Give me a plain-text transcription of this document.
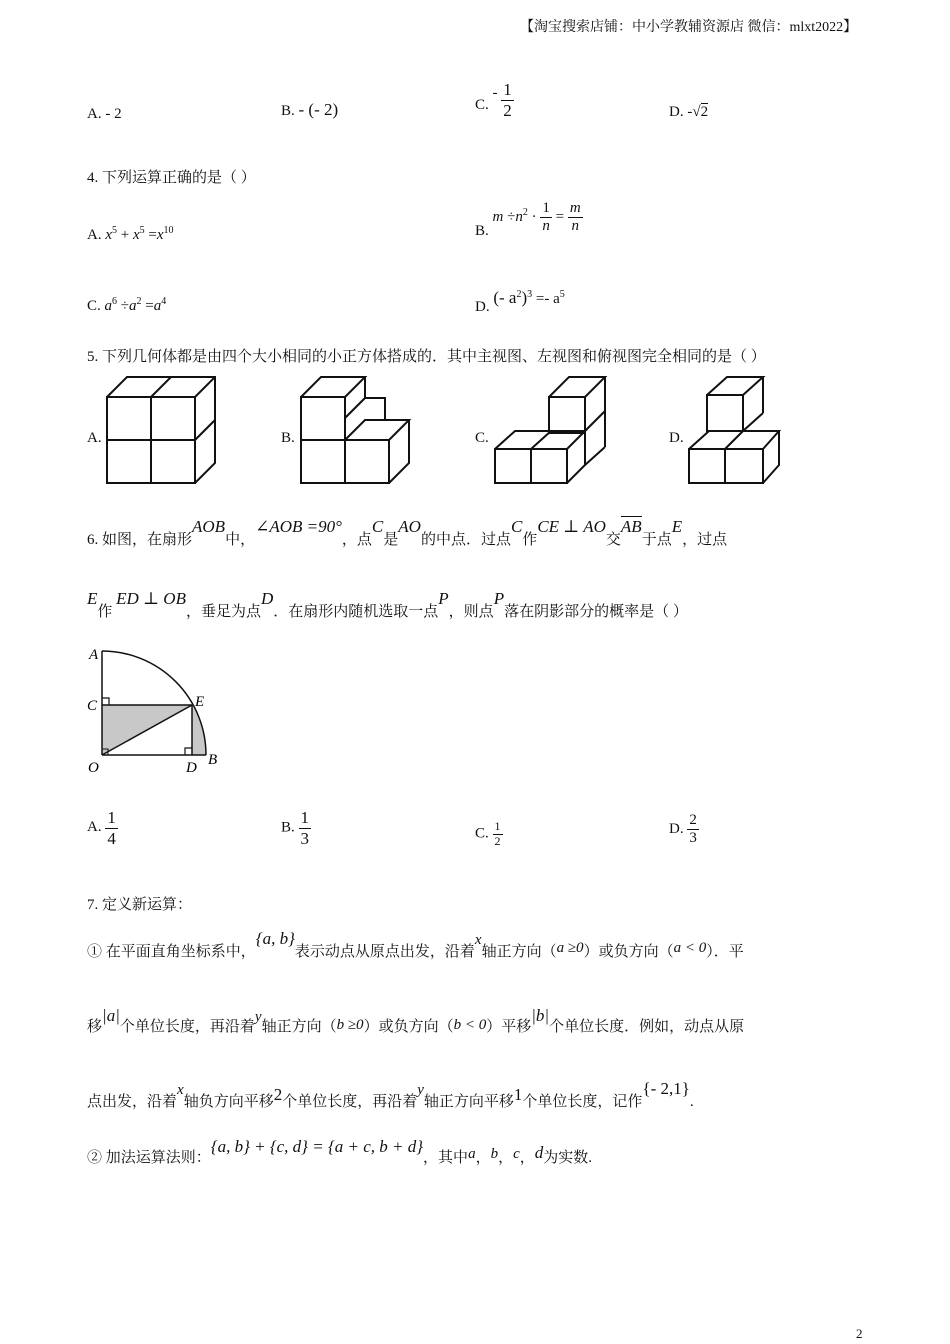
【淘宝搜索店铺：中小学教辅资源店 微信：mlxt2022】
A. - 2	B. - (- 2)	C. - $\frac{1}{2}$	D. -√2
4. 下列运算正确的是（ ）
A. $x^5 + x^5 =x^{10}$	B. $m \div n^2 \cdot \frac{1}{n} = \frac{m}{n}$
C. $a^6 \div a^2 =a^4$	D. (- $a^2)^3 =- a^5$
5. 下列几何体都是由四个大小相同的小正方体搭成的．其中主视图、左视图和俯视图完全相同的是（ ）
A.	B.	C.	D.
6. 如图，在扇形AOB中，∠AOB =90°，点C是AO的中点．过点C作CE ⊥ AO交AB于点E，过点
E作 ED ⊥ OB，垂足为点D．在扇形内随机选取一点P，则点P落在阴影部分的概率是（ ）
A
C	E
O	D B
A. $\frac{1}{4}$	B. $\frac{1}{3}$	C. $\frac{1}{2}$	D. $\frac{2}{3}$
7. 定义新运算：
① 在平面直角坐标系中，{a, b}表示动点从原点出发，沿着x轴正方向（a ≥0）或负方向（a < 0）．平
移|a|个单位长度，再沿着y轴正方向（b ≥0）或负方向（b < 0）平移|b|个单位长度．例如，动点从原
点出发，沿着x轴负方向平移2个单位长度，再沿着y轴正方向平移1个单位长度，记作{- 2,1}.
② 加法运算法则：{a, b} + {c, d} = {a + c, b + d}，其中a，b，c，d为实数.
2
